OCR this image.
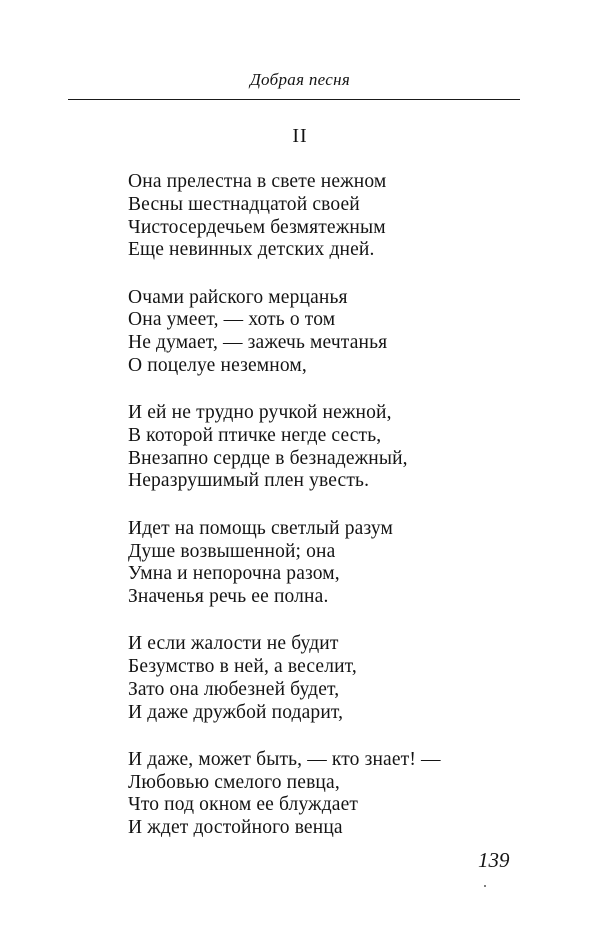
Добрая песня
II
Она прелестна в свете нежном
Весны шестнадцатой своей
Чистосердечьем безмятежным
Еще невинных детских дней.
Очами райского мерцанья
Она умеет, — хоть о том
Не думает, — зажечь мечтанья
О поцелуе неземном,
И ей не трудно ручкой нежной,
В которой птичке негде сесть,
Внезапно сердце в безнадежный,
Неразрушимый плен увесть.
Идет на помощь светлый разум
Душе возвышенной; она
Умна и непорочна разом,
Значенья речь ее полна.
И если жалости не будит
Безумство в ней, а веселит,
Зато она любезней будет,
И даже дружбой подарит,
И даже, может быть, — кто знает! —
Любовью смелого певца,
Что под окном ее блуждает
И ждет достойного венца
139
